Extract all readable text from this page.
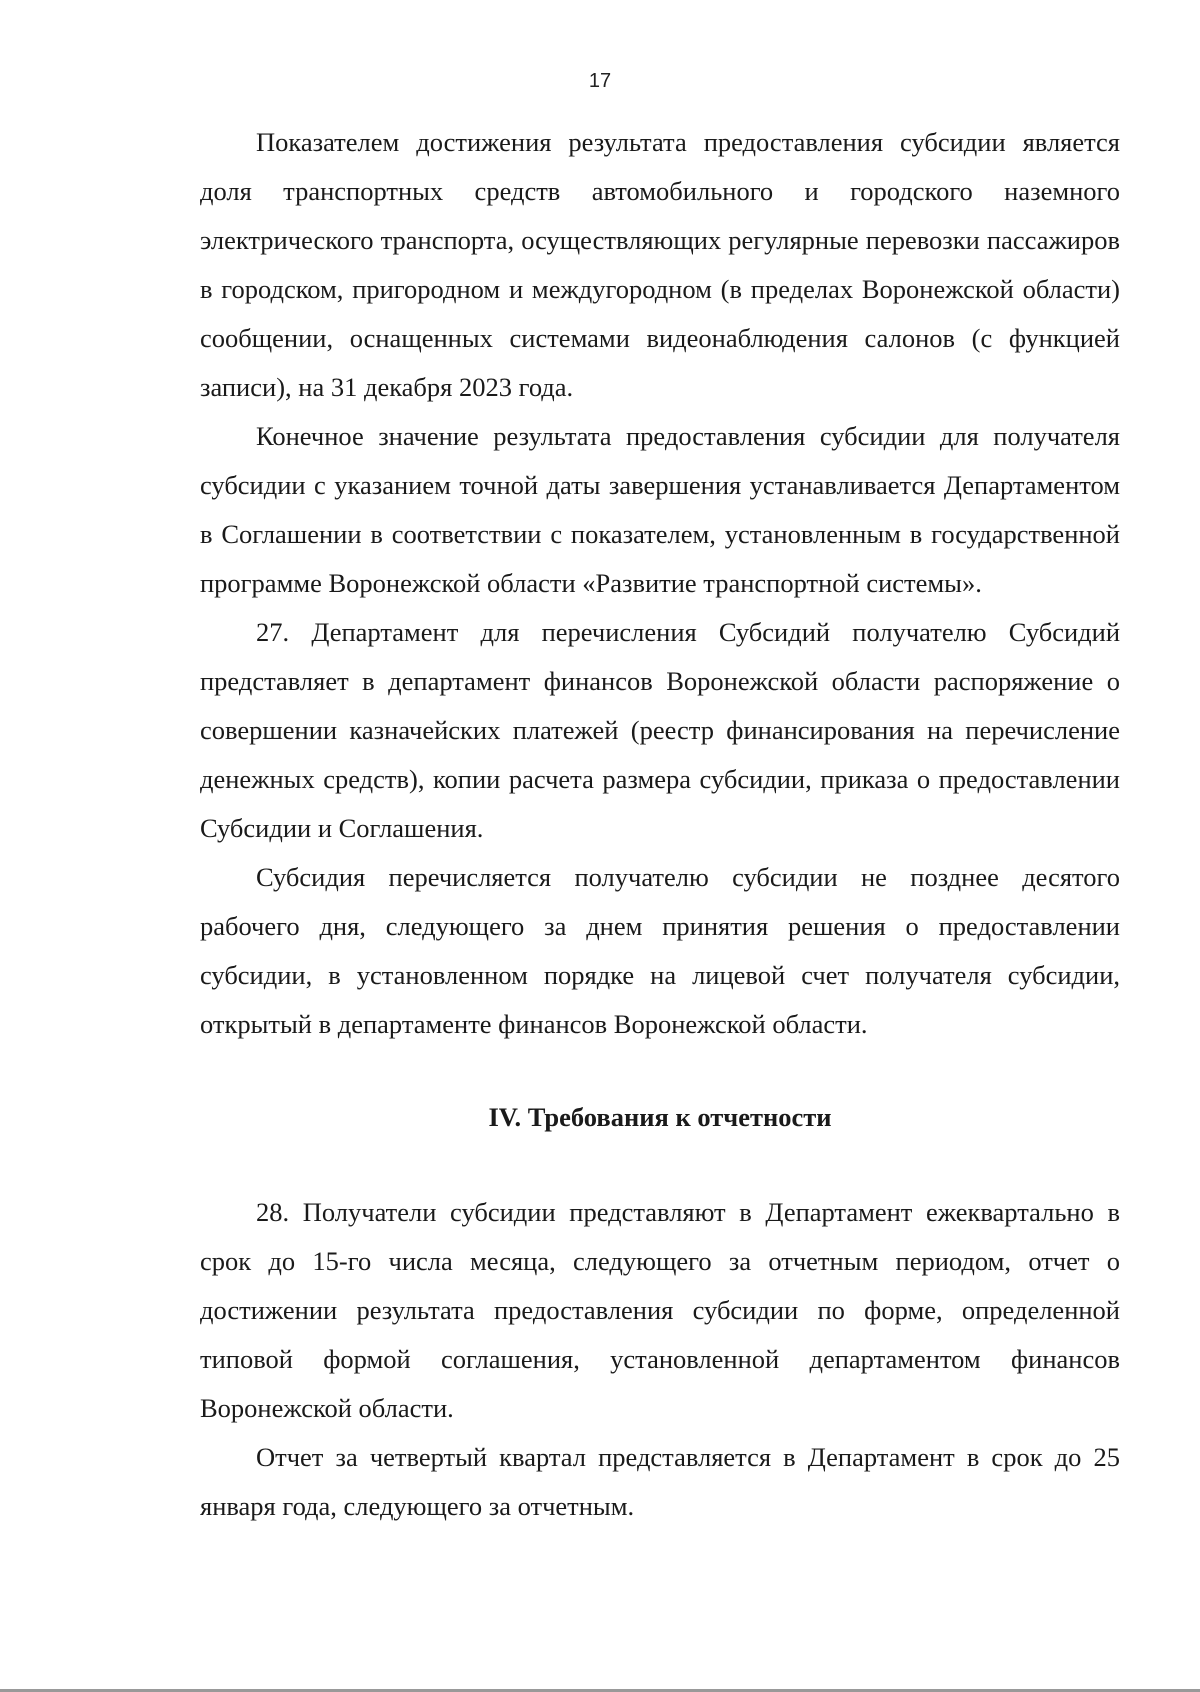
17

Показателем достижения результата предоставления субсидии является доля транспортных средств автомобильного и городского наземного электрического транспорта, осуществляющих регулярные перевозки пассажиров в городском, пригородном и междугородном (в пределах Воронежской области) сообщении, оснащенных системами видеонаблюдения салонов (с функцией записи), на 31 декабря 2023 года.

Конечное значение результата предоставления субсидии для получателя субсидии с указанием точной даты завершения устанавливается Департаментом в Соглашении в соответствии с показателем, установленным в государственной программе Воронежской области «Развитие транспортной системы».

27. Департамент для перечисления Субсидий получателю Субсидий представляет в департамент финансов Воронежской области распоряжение о совершении казначейских платежей (реестр финансирования на перечисление денежных средств), копии расчета размера субсидии, приказа о предоставлении Субсидии и Соглашения.

Субсидия перечисляется получателю субсидии не позднее десятого рабочего дня, следующего за днем принятия решения о предоставлении субсидии, в установленном порядке на лицевой счет получателя субсидии, открытый в департаменте финансов Воронежской области.

IV. Требования к отчетности

28. Получатели субсидии представляют в Департамент ежеквартально в срок до 15-го числа месяца, следующего за отчетным периодом, отчет о достижении результата предоставления субсидии по форме, определенной типовой формой соглашения, установленной департаментом финансов Воронежской области.

Отчет за четвертый квартал представляется в Департамент в срок до 25 января года, следующего за отчетным.
